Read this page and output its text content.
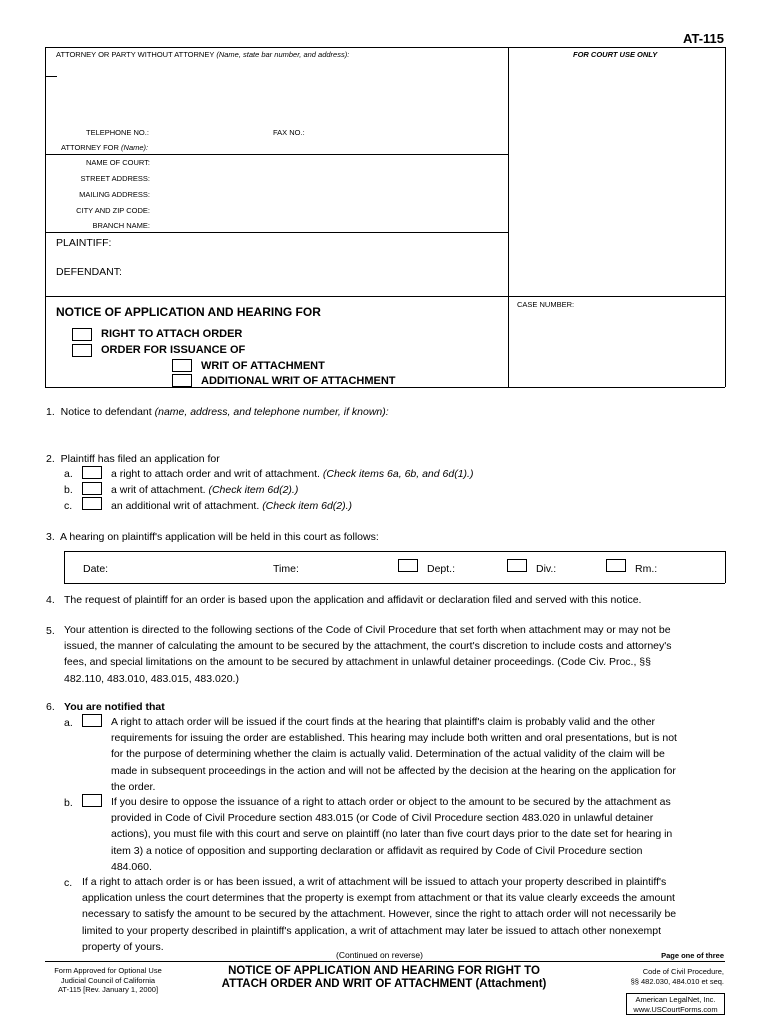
AT-115
ATTORNEY OR PARTY WITHOUT ATTORNEY (Name, state bar number, and address):	FOR COURT USE ONLY
TELEPHONE NO.:	FAX NO.:
ATTORNEY FOR (Name):
NAME OF COURT:
STREET ADDRESS:
MAILING ADDRESS:
CITY AND ZIP CODE:
BRANCH NAME:
PLAINTIFF:
DEFENDANT:
CASE NUMBER:
NOTICE OF APPLICATION AND HEARING FOR
RIGHT TO ATTACH ORDER
ORDER FOR ISSUANCE OF
WRIT OF ATTACHMENT
ADDITIONAL WRIT OF ATTACHMENT
1. Notice to defendant (name, address, and telephone number, if known):
2. Plaintiff has filed an application for
a.	a right to attach order and writ of attachment. (Check items 6a, 6b, and 6d(1).)
b.	a writ of attachment. (Check item 6d(2).)
c.	an additional writ of attachment. (Check item 6d(2).)
3. A hearing on plaintiff's application will be held in this court as follows:
Date:	Time:	Dept.:	Div.:	Rm.:
4. The request of plaintiff for an order is based upon the application and affidavit or declaration filed and served with this notice.
5. Your attention is directed to the following sections of the Code of Civil Procedure that set forth when attachment may or may not be
issued, the manner of calculating the amount to be secured by the attachment, the court's discretion to include costs and attorney's
fees, and special limitations on the amount to be secured by attachment in unlawful detainer proceedings. (Code Civ. Proc., §§
482.110, 483.010, 483.015, 483.020.)

6. You are notified that
a.	A right to attach order will be issued if the court finds at the hearing that plaintiff's claim is probably valid and the other
requirements for issuing the order are established. This hearing may include both written and oral presentations, but is not
for the purpose of determining whether the claim is actually valid. Determination of the actual validity of the claim will be
made in subsequent proceedings in the action and will not be affected by the decision at the hearing on the application for
the order.

b.	If you desire to oppose the issuance of a right to attach order or object to the amount to be secured by the attachment as
provided in Code of Civil Procedure section 483.015 (or Code of Civil Procedure section 483.020 in unlawful detainer
actions), you must file with this court and serve on plaintiff (no later than five court days prior to the date set for hearing in
item 3) a notice of opposition and supporting declaration or affidavit as required by Code of Civil Procedure section
484.060.

c. If a right to attach order is or has been issued, a writ of attachment will be issued to attach your property described in plaintiff's
application unless the court determines that the property is exempt from attachment or that its value clearly exceeds the amount
necessary to satisfy the amount to be secured by the attachment. However, since the right to attach order will not necessarily be
limited to your property described in plaintiff's application, a writ of attachment may later be issued to attach other nonexempt
property of yours.

(Continued on reverse)	Page one of three
Form Approved for Optional Use
Judicial Council of California
AT-115 [Rev. January 1, 2000]
NOTICE OF APPLICATION AND HEARING FOR RIGHT TO
ATTACH ORDER AND WRIT OF ATTACHMENT (Attachment)
Code of Civil Procedure,
§§ 482.030, 484.010 et seq.
American LegalNet, Inc.
www.USCourtForms.com
